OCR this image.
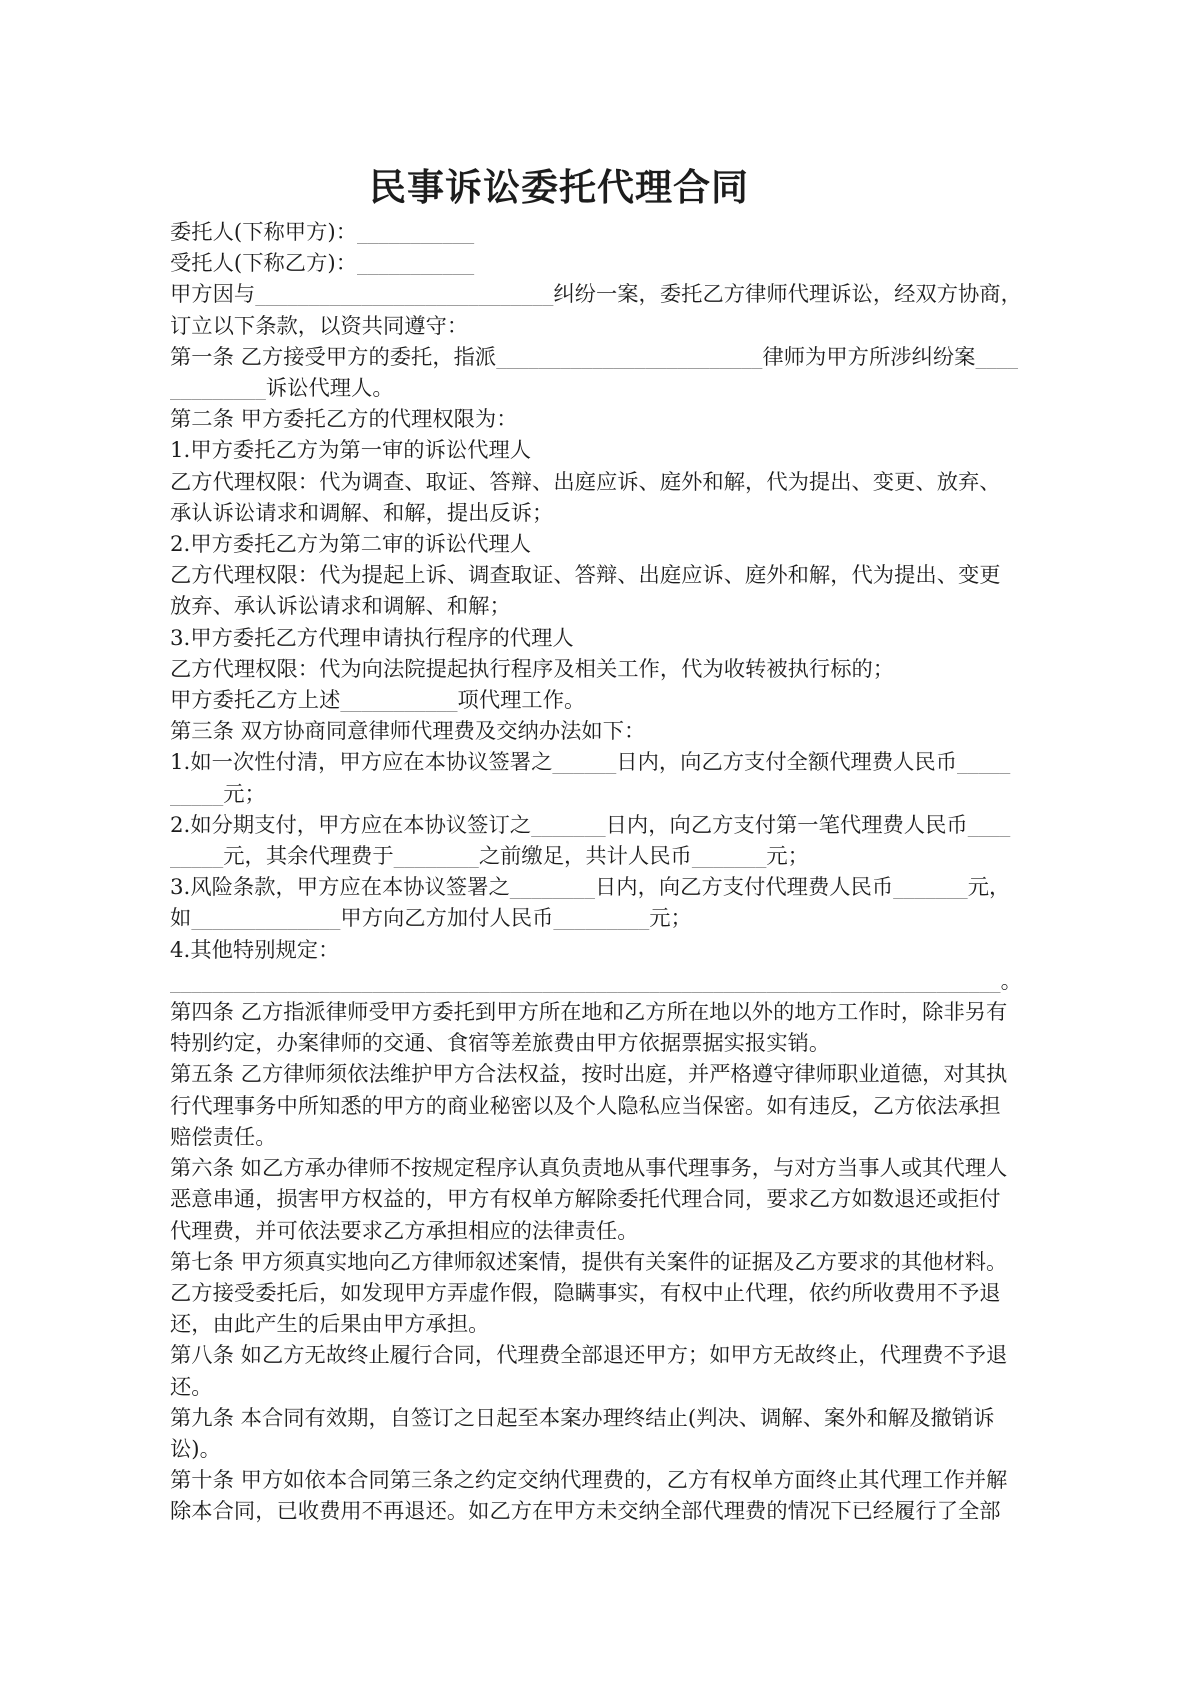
民事诉讼委托代理合同
委托人(下称甲方)：___________
受托人(下称乙方)：___________
甲方因与____________________________纠纷一案，委托乙方律师代理诉讼，经双方协商，
订立以下条款，以资共同遵守：
第一条 乙方接受甲方的委托，指派_________________________律师为甲方所涉纠纷案____
_________诉讼代理人。
第二条 甲方委托乙方的代理权限为：
1.甲方委托乙方为第一审的诉讼代理人
乙方代理权限：代为调查、取证、答辩、出庭应诉、庭外和解，代为提出、变更、放弃、
承认诉讼请求和调解、和解，提出反诉；
2.甲方委托乙方为第二审的诉讼代理人
乙方代理权限：代为提起上诉、调查取证、答辩、出庭应诉、庭外和解，代为提出、变更
放弃、承认诉讼请求和调解、和解；
3.甲方委托乙方代理申请执行程序的代理人
乙方代理权限：代为向法院提起执行程序及相关工作，代为收转被执行标的；
甲方委托乙方上述___________项代理工作。
第三条 双方协商同意律师代理费及交纳办法如下：
1.如一次性付清，甲方应在本协议签署之______日内，向乙方支付全额代理费人民币_____
_____元；
2.如分期支付，甲方应在本协议签订之_______日内，向乙方支付第一笔代理费人民币____
_____元，其余代理费于________之前缴足，共计人民币_______元；
3.风险条款，甲方应在本协议签署之________日内，向乙方支付代理费人民币_______元，
如______________甲方向乙方加付人民币_________元；
4.其他特别规定：
______________________________________________________________________________。
第四条 乙方指派律师受甲方委托到甲方所在地和乙方所在地以外的地方工作时，除非另有
特别约定，办案律师的交通、食宿等差旅费由甲方依据票据实报实销。
第五条 乙方律师须依法维护甲方合法权益，按时出庭，并严格遵守律师职业道德，对其执
行代理事务中所知悉的甲方的商业秘密以及个人隐私应当保密。如有违反，乙方依法承担
赔偿责任。
第六条 如乙方承办律师不按规定程序认真负责地从事代理事务，与对方当事人或其代理人
恶意串通，损害甲方权益的，甲方有权单方解除委托代理合同，要求乙方如数退还或拒付
代理费，并可依法要求乙方承担相应的法律责任。
第七条 甲方须真实地向乙方律师叙述案情，提供有关案件的证据及乙方要求的其他材料。
乙方接受委托后，如发现甲方弄虚作假，隐瞒事实，有权中止代理，依约所收费用不予退
还，由此产生的后果由甲方承担。
第八条 如乙方无故终止履行合同，代理费全部退还甲方；如甲方无故终止，代理费不予退
还。
第九条 本合同有效期，自签订之日起至本案办理终结止(判决、调解、案外和解及撤销诉
讼)。
第十条 甲方如依本合同第三条之约定交纳代理费的，乙方有权单方面终止其代理工作并解
除本合同，已收费用不再退还。如乙方在甲方未交纳全部代理费的情况下已经履行了全部
